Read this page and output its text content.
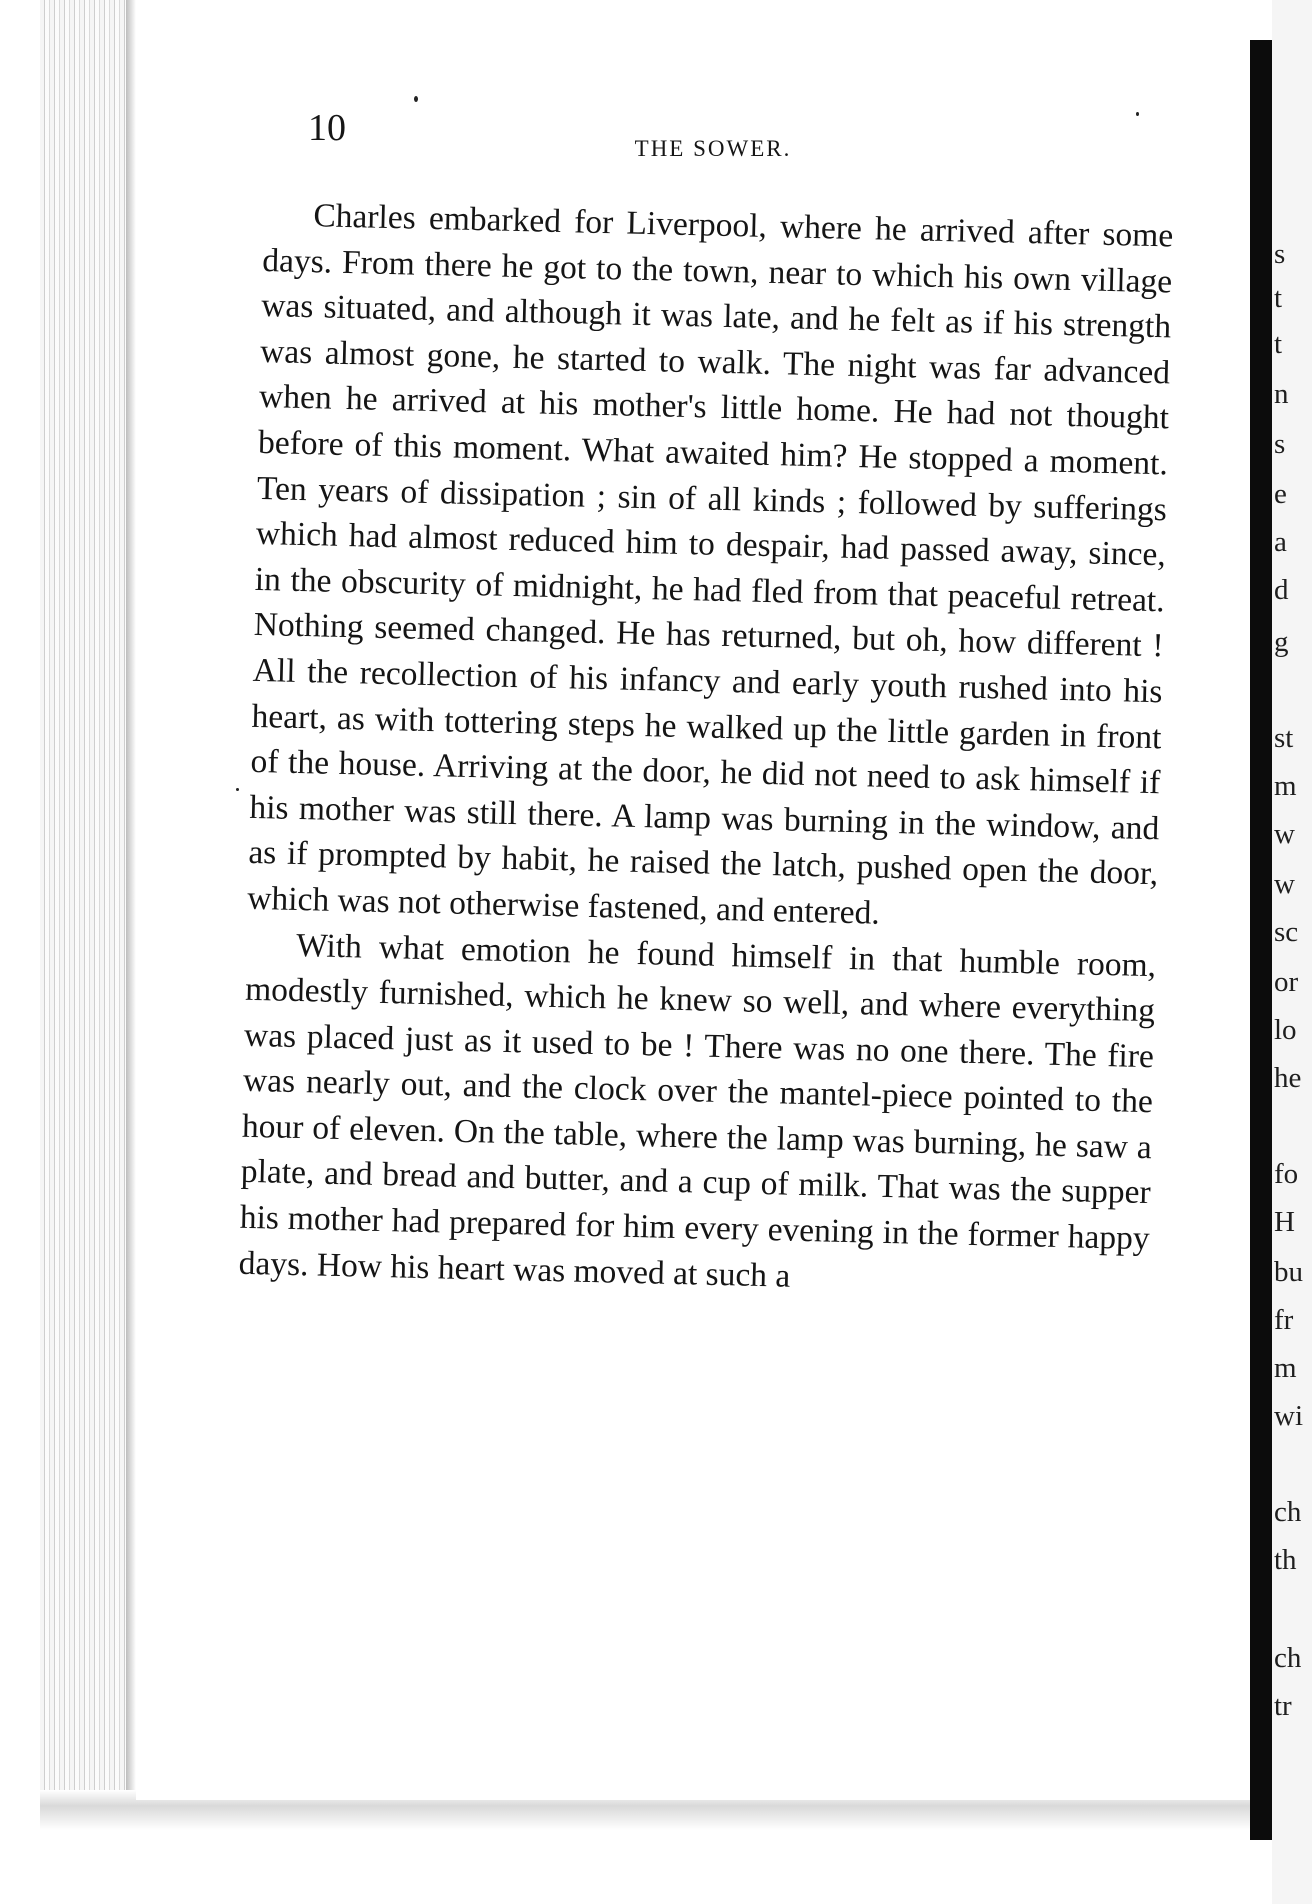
10	THE SOWER.

Charles embarked for Liverpool, where he arrived after some days. From there he got to the town, near to which his own village was situated, and although it was late, and he felt as if his strength was almost gone, he started to walk. The night was far advanced when he arrived at his mother's little home. He had not thought before of this moment. What awaited him? He stopped a moment. Ten years of dissipation ; sin of all kinds ; followed by sufferings which had almost reduced him to despair, had passed away, since, in the obscurity of midnight, he had fled from that peaceful retreat. Nothing seemed changed. He has returned, but oh, how different ! All the recollection of his infancy and early youth rushed into his heart, as with tottering steps he walked up the little garden in front of the house. Arriving at the door, he did not need to ask himself if his mother was still there. A lamp was burning in the window, and as if prompted by habit, he raised the latch, pushed open the door, which was not otherwise fastened, and entered.

With what emotion he found himself in that humble room, modestly furnished, which he knew so well, and where everything was placed just as it used to be ! There was no one there. The fire was nearly out, and the clock over the mantel-piece pointed to the hour of eleven. On the table, where the lamp was burning, he saw a plate, and bread and butter, and a cup of milk. That was the supper his mother had prepared for him every evening in the former happy days. How his heart was moved at such a

s
t
t
n
s
e
a
d
g
st
m
w
w
sc
or
lo
he
fo
H
bu
fr
m
wi
ch
th
ch
tr
